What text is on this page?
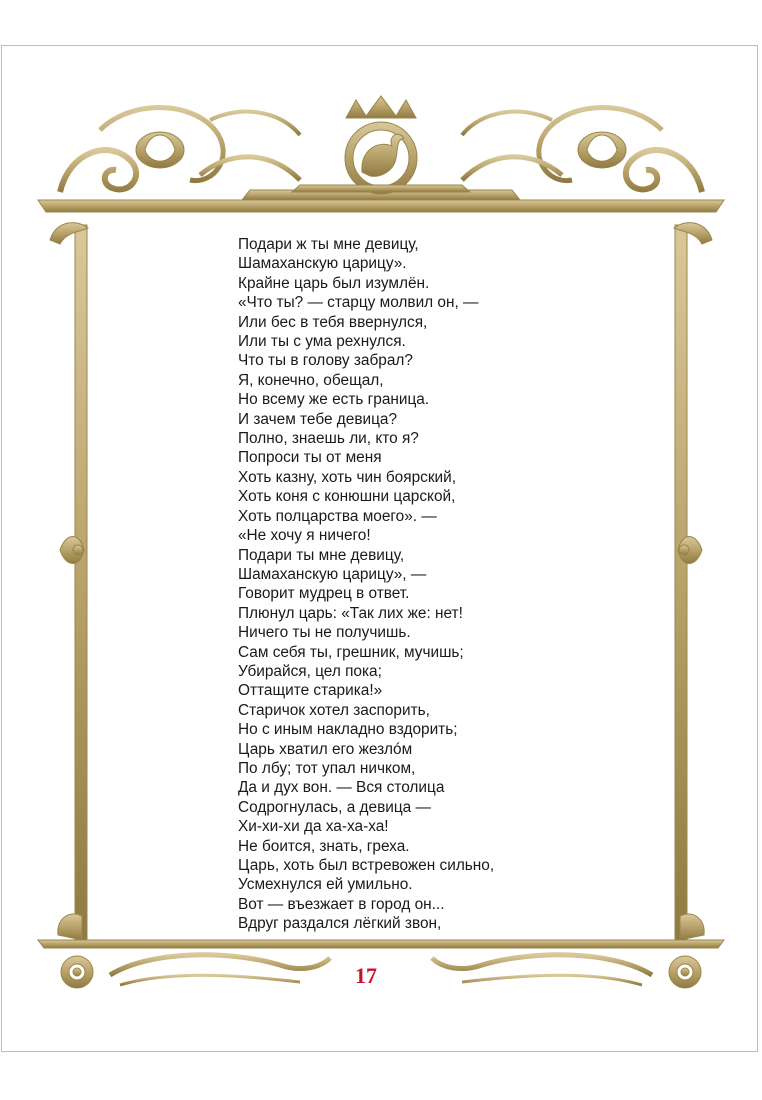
Подари ж ты мне девицу,
Шамаханскую царицу».
Крайне царь был изумлён.
«Что ты? — старцу молвил он, —
Или бес в тебя ввернулся,
Или ты с ума рехнулся.
Что ты в голову забрал?
Я, конечно, обещал,
Но всему же есть граница.
И зачем тебе девица?
Полно, знаешь ли, кто я?
Попроси ты от меня
Хоть казну, хоть чин боярский,
Хоть коня с конюшни царской,
Хоть полцарства моего». —
«Не хочу я ничего!
Подари ты мне девицу,
Шамаханскую царицу», —
Говорит мудрец в ответ.
Плюнул царь: «Так лих же: нет!
Ничего ты не получишь.
Сам себя ты, грешник, мучишь;
Убирайся, цел пока;
Оттащите старика!»
Старичок хотел заспорить,
Но с иным накладно вздорить;
Царь хватил его жезлóм
По лбу; тот упал ничком,
Да и дух вон. — Вся столица
Содрогнулась, а девица —
Хи-хи-хи да ха-ха-ха!
Не боится, знать, греха.
Царь, хоть был встревожен сильно,
Усмехнулся ей умильно.
Вот — въезжает в город он...
Вдруг раздался лёгкий звон,
17
